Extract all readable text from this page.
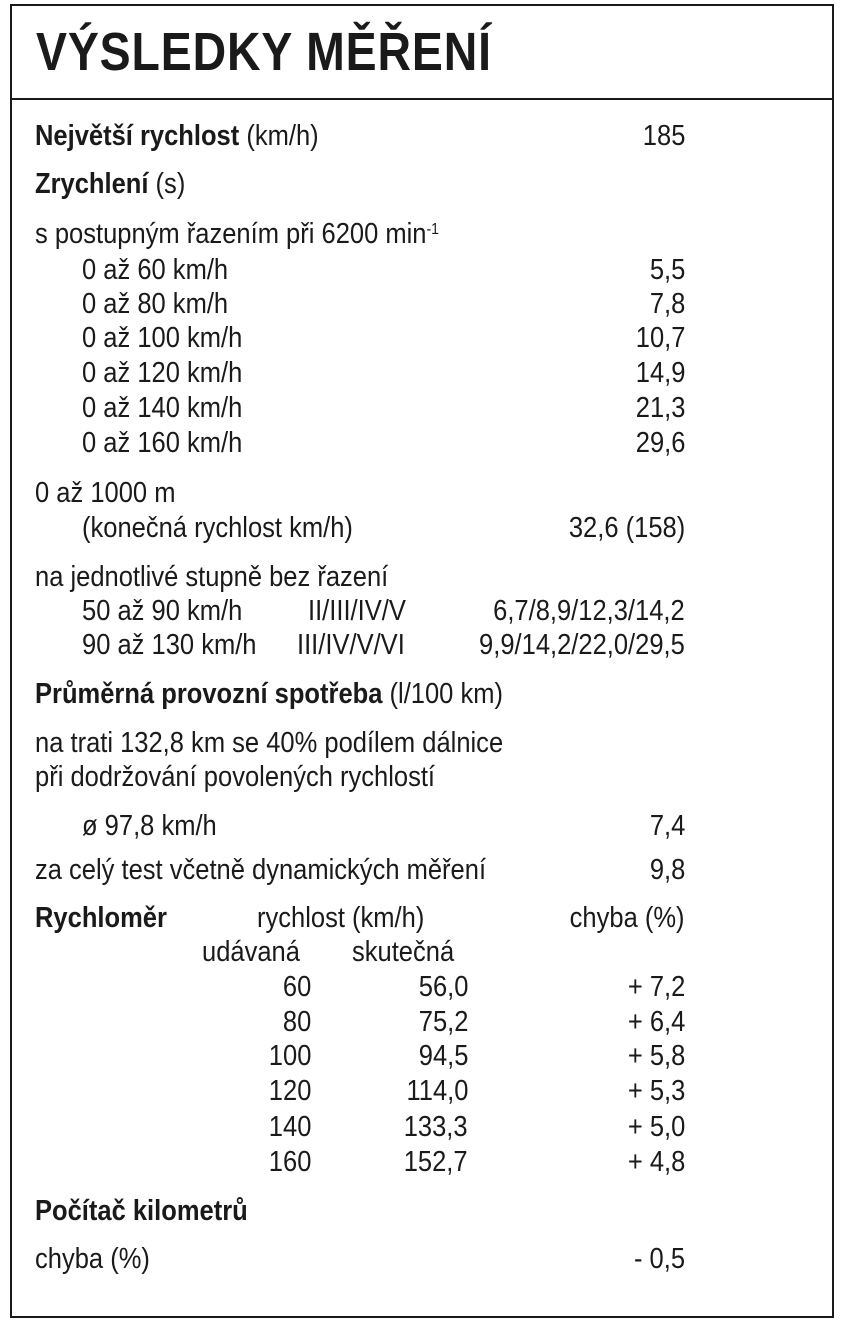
VÝSLEDKY MĚŘENÍ
Největší rychlost (km/h)	185
Zrychlení (s)
s postupným řazením při 6200 $\min^{-1}$
0 až 60 km/h	5,5
0 až 80 km/h	7,8
0 až 100 km/h	10,7
0 až 120 km/h	14,9
0 až 140 km/h	21,3
0 až 160 km/h	29,6
0 až 1000 m
(konečná rychlost km/h)	32,6 (158)
na jednotlivé stupně bez řazení
50 až 90 km/h II/III/IV/V	6,7/8,9/12,3/14,2
90 až 130 km/h III/IV/V/VI	9,9/14,2/22,0/29,5
Průměrná provozní spotřeba (l/100 km)
na trati 132,8 km se 40% podílem dálnice
při dodržování povolených rychlostí
ø 97,8 km/h	7,4
za celý test včetně dynamických měření	9,8
Rychloměr	rychlost (km/h)	chyba (%)
udávaná skutečná
60	56,0	+ 7,2
80	75,2	+ 6,4
100	94,5	+ 5,8
120	114,0	+ 5,3
140	133,3	+ 5,0
160	152,7	+ 4,8
Počítač kilometrů
chyba (%)	- 0,5
